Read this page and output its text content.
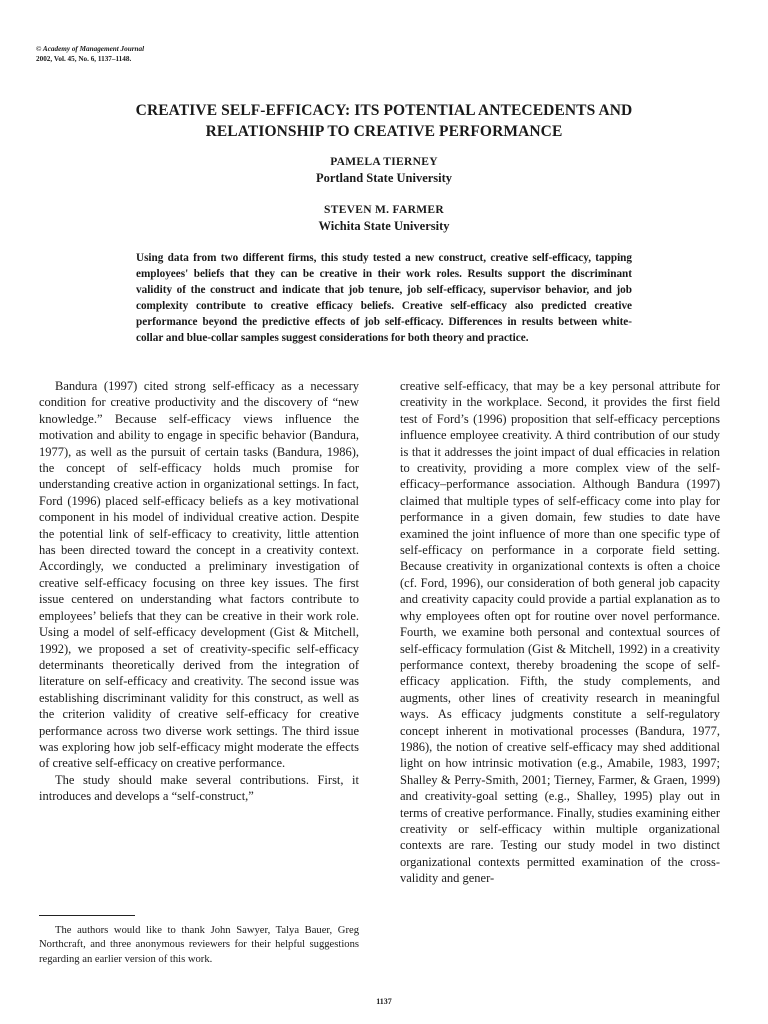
© Academy of Management Journal
2002, Vol. 45, No. 6, 1137–1148.
CREATIVE SELF-EFFICACY: ITS POTENTIAL ANTECEDENTS AND
RELATIONSHIP TO CREATIVE PERFORMANCE
PAMELA TIERNEY
Portland State University
STEVEN M. FARMER
Wichita State University
Using data from two different firms, this study tested a new construct, creative self-efficacy, tapping employees' beliefs that they can be creative in their work roles. Results support the discriminant validity of the construct and indicate that job tenure, job self-efficacy, supervisor behavior, and job complexity contribute to creative efficacy beliefs. Creative self-efficacy also predicted creative performance beyond the predictive effects of job self-efficacy. Differences in results between white-collar and blue-collar samples suggest considerations for both theory and practice.

Bandura (1997) cited strong self-efficacy as a necessary condition for creative productivity and the discovery of “new knowledge.” Because self-efficacy views influence the motivation and ability to engage in specific behavior (Bandura, 1977), as well as the pursuit of certain tasks (Bandura, 1986), the concept of self-efficacy holds much promise for understanding creative action in organizational settings. In fact, Ford (1996) placed self-efficacy beliefs as a key motivational component in his model of individual creative action. Despite the potential link of self-efficacy to creativity, little attention has been directed toward the concept in a creativity context. Accordingly, we conducted a preliminary investigation of creative self-efficacy focusing on three key issues. The first issue centered on understanding what factors contribute to employees’ beliefs that they can be creative in their work role. Using a model of self-efficacy development (Gist & Mitchell, 1992), we proposed a set of creativity-specific self-efficacy determinants theoretically derived from the integration of literature on self-efficacy and creativity. The second issue was establishing discriminant validity for this construct, as well as the criterion validity of creative self-efficacy for creative performance across two diverse work settings. The third issue was exploring how job self-efficacy might moderate the effects of creative self-efficacy on creative performance.

The study should make several contributions. First, it introduces and develops a “self-construct,”

creative self-efficacy, that may be a key personal attribute for creativity in the workplace. Second, it provides the first field test of Ford’s (1996) proposition that self-efficacy perceptions influence employee creativity. A third contribution of our study is that it addresses the joint impact of dual efficacies in relation to creativity, providing a more complex view of the self-efficacy–performance association. Although Bandura (1997) claimed that multiple types of self-efficacy come into play for performance in a given domain, few studies to date have examined the joint influence of more than one specific type of self-efficacy on performance in a corporate field setting. Because creativity in organizational contexts is often a choice (cf. Ford, 1996), our consideration of both general job capacity and creativity capacity could provide a partial explanation as to why employees often opt for routine over novel performance. Fourth, we examine both personal and contextual sources of self-efficacy formulation (Gist & Mitchell, 1992) in a creativity performance context, thereby broadening the scope of self-efficacy application. Fifth, the study complements, and augments, other lines of creativity research in meaningful ways. As efficacy judgments constitute a self-regulatory concept inherent in motivational processes (Bandura, 1977, 1986), the notion of creative self-efficacy may shed additional light on how intrinsic motivation (e.g., Amabile, 1983, 1997; Shalley & Perry-Smith, 2001; Tierney, Farmer, & Graen, 1999) and creativity-goal setting (e.g., Shalley, 1995) play out in terms of creative performance. Finally, studies examining either creativity or self-efficacy within multiple organizational contexts are rare. Testing our study model in two distinct organizational contexts permitted examination of the cross-validity and gener-

The authors would like to thank John Sawyer, Talya Bauer, Greg Northcraft, and three anonymous reviewers for their helpful suggestions regarding an earlier version of this work.

1137
